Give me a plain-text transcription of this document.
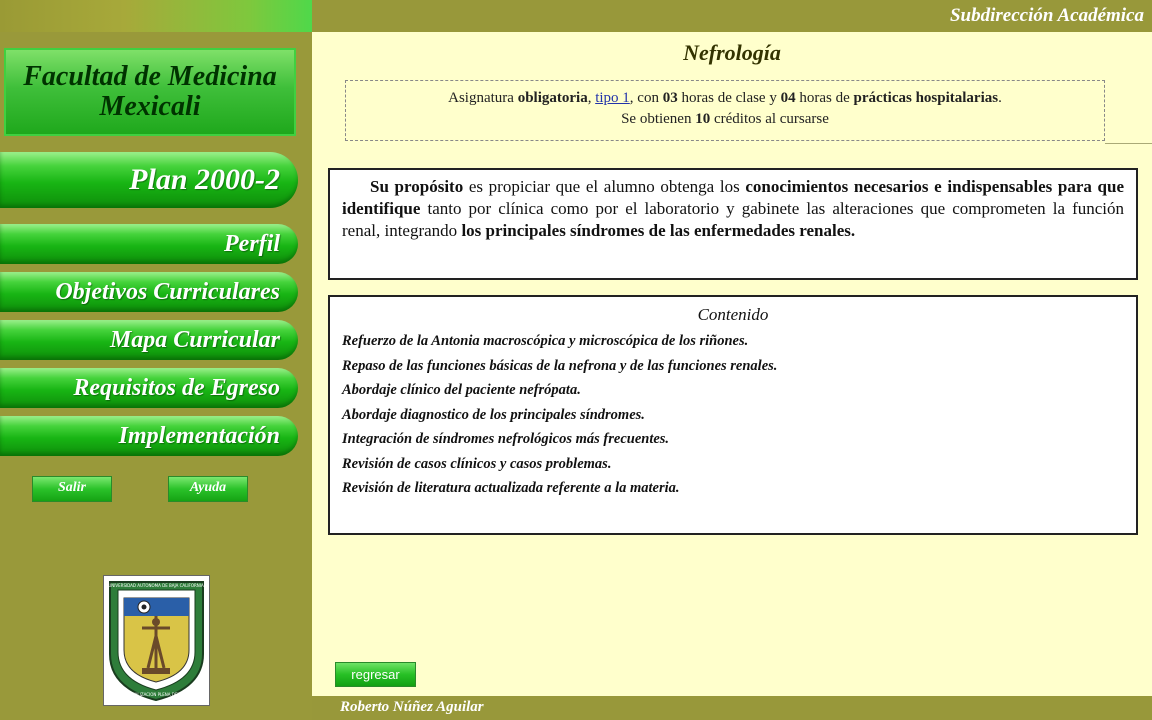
Subdirección Académica
Roberto Núñez Aguilar
Facultad de Medicina
Mexicali
Plan 2000-2
Perfil
Objetivos Curriculares
Mapa Curricular
Requisitos de Egreso
Implementación
Salir	Ayuda
UNIVERSIDAD AUTONOMA DE BAJA CALIFORNIA
POR LA REALIZACION PLENA DEL HOMBRE
Nefrología
Asignatura obligatoria, tipo 1, con 03 horas de clase y 04 horas de prácticas hospitalarias.
Se obtienen 10 créditos al cursarse
Su propósito es propiciar que el alumno obtenga los conocimientos necesarios e indispensables para que identifique tanto por clínica como por el laboratorio y gabinete las alteraciones que comprometen la función renal, integrando los principales síndromes de las enfermedades renales.
Contenido
Refuerzo de la Antonia macroscópica y microscópica de los riñones.
Repaso de las funciones básicas de la nefrona y de las funciones renales.
Abordaje clínico del paciente nefrópata.
Abordaje diagnostico de los principales síndromes.
Integración de síndromes nefrológicos más frecuentes.
Revisión de casos clínicos y casos problemas.
Revisión de literatura actualizada referente a la materia.
regresar
